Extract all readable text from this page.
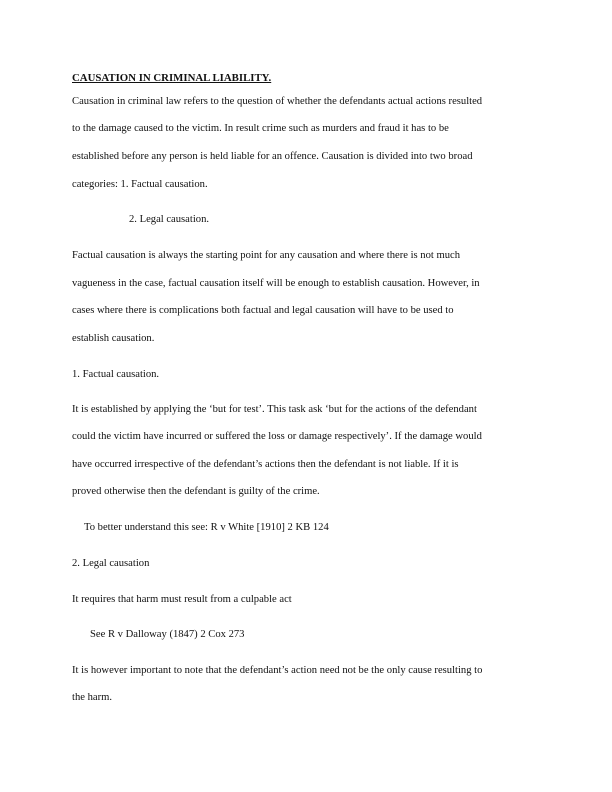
CAUSATION IN CRIMINAL LIABILITY.
Causation in criminal law refers to the question of whether the defendants actual actions resulted
to the damage caused to the victim. In result crime such as murders and fraud it has to be
established before any person is held liable for an offence. Causation is divided into two broad
categories: 1. Factual causation.
2. Legal causation.
Factual causation is always the starting point for any causation and where there is not much
vagueness in the case, factual causation itself will be enough to establish causation. However, in
cases where there is complications both factual and legal causation will have to be used to
establish causation.
1. Factual causation.
It is established by applying the ‘but for test’. This task ask ‘but for the actions of the defendant
could the victim have incurred or suffered the loss or damage respectively’. If the damage would
have occurred irrespective of the defendant’s actions then the defendant is not liable. If it is
proved otherwise then the defendant is guilty of the crime.
To better understand this see: R v White [1910] 2 KB 124
2. Legal causation
It requires that harm must result from a culpable act
See R v Dalloway (1847) 2 Cox 273
It is however important to note that the defendant’s action need not be the only cause resulting to
the harm.
